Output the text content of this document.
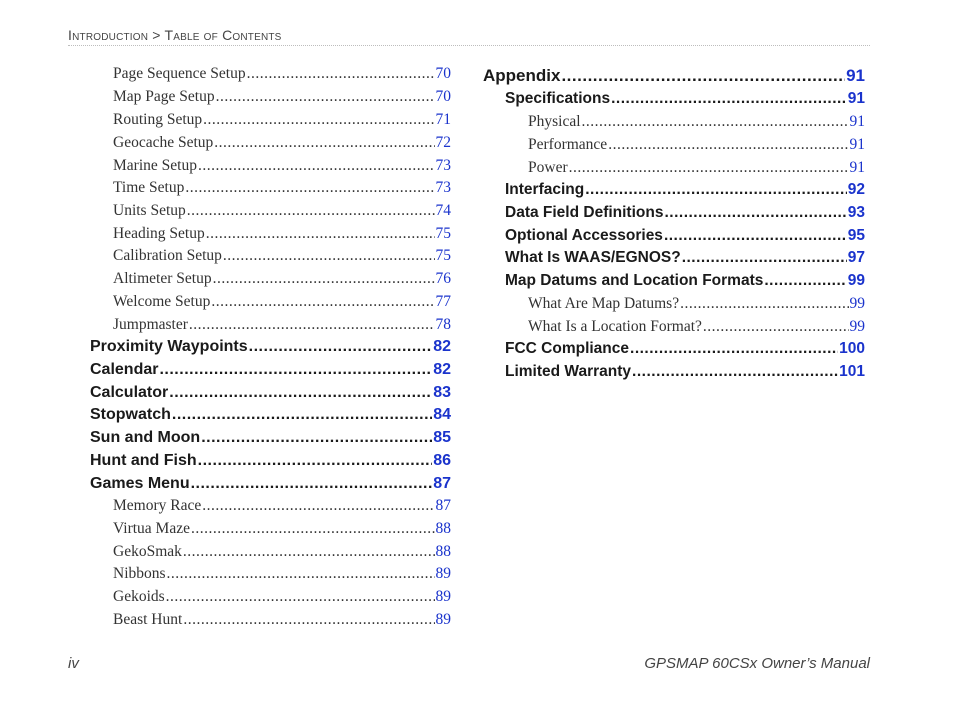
Introduction > Table of Contents
Page Sequence Setup .....	70
Map Page Setup .....	70
Routing Setup .....	71
Geocache Setup .....	72
Marine Setup .....	73
Time Setup .....	73
Units Setup .....	74
Heading Setup .....	75
Calibration Setup .....	75
Altimeter Setup .....	76
Welcome Setup .....	77
Jumpmaster .....	78
Proximity Waypoints .....	82
Calendar .....	82
Calculator .....	83
Stopwatch .....	84
Sun and Moon .....	85
Hunt and Fish .....	86
Games Menu .....	87
Memory Race .....	87
Virtua Maze .....	88
GekoSmak .....	88
Nibbons .....	89
Gekoids .....	89
Beast Hunt .....	89
Appendix .....	91
Specifications .....	91
Physical .....	91
Performance .....	91
Power .....	91
Interfacing .....	92
Data Field Definitions .....	93
Optional Accessories .....	95
What Is WAAS/EGNOS? .....	97
Map Datums and Location Formats .....	99
What Are Map Datums? .....	99
What Is a Location Format? .....	99
FCC Compliance .....	100
Limited Warranty .....	101
iv	GPSMAP 60CSx Owner’s Manual
